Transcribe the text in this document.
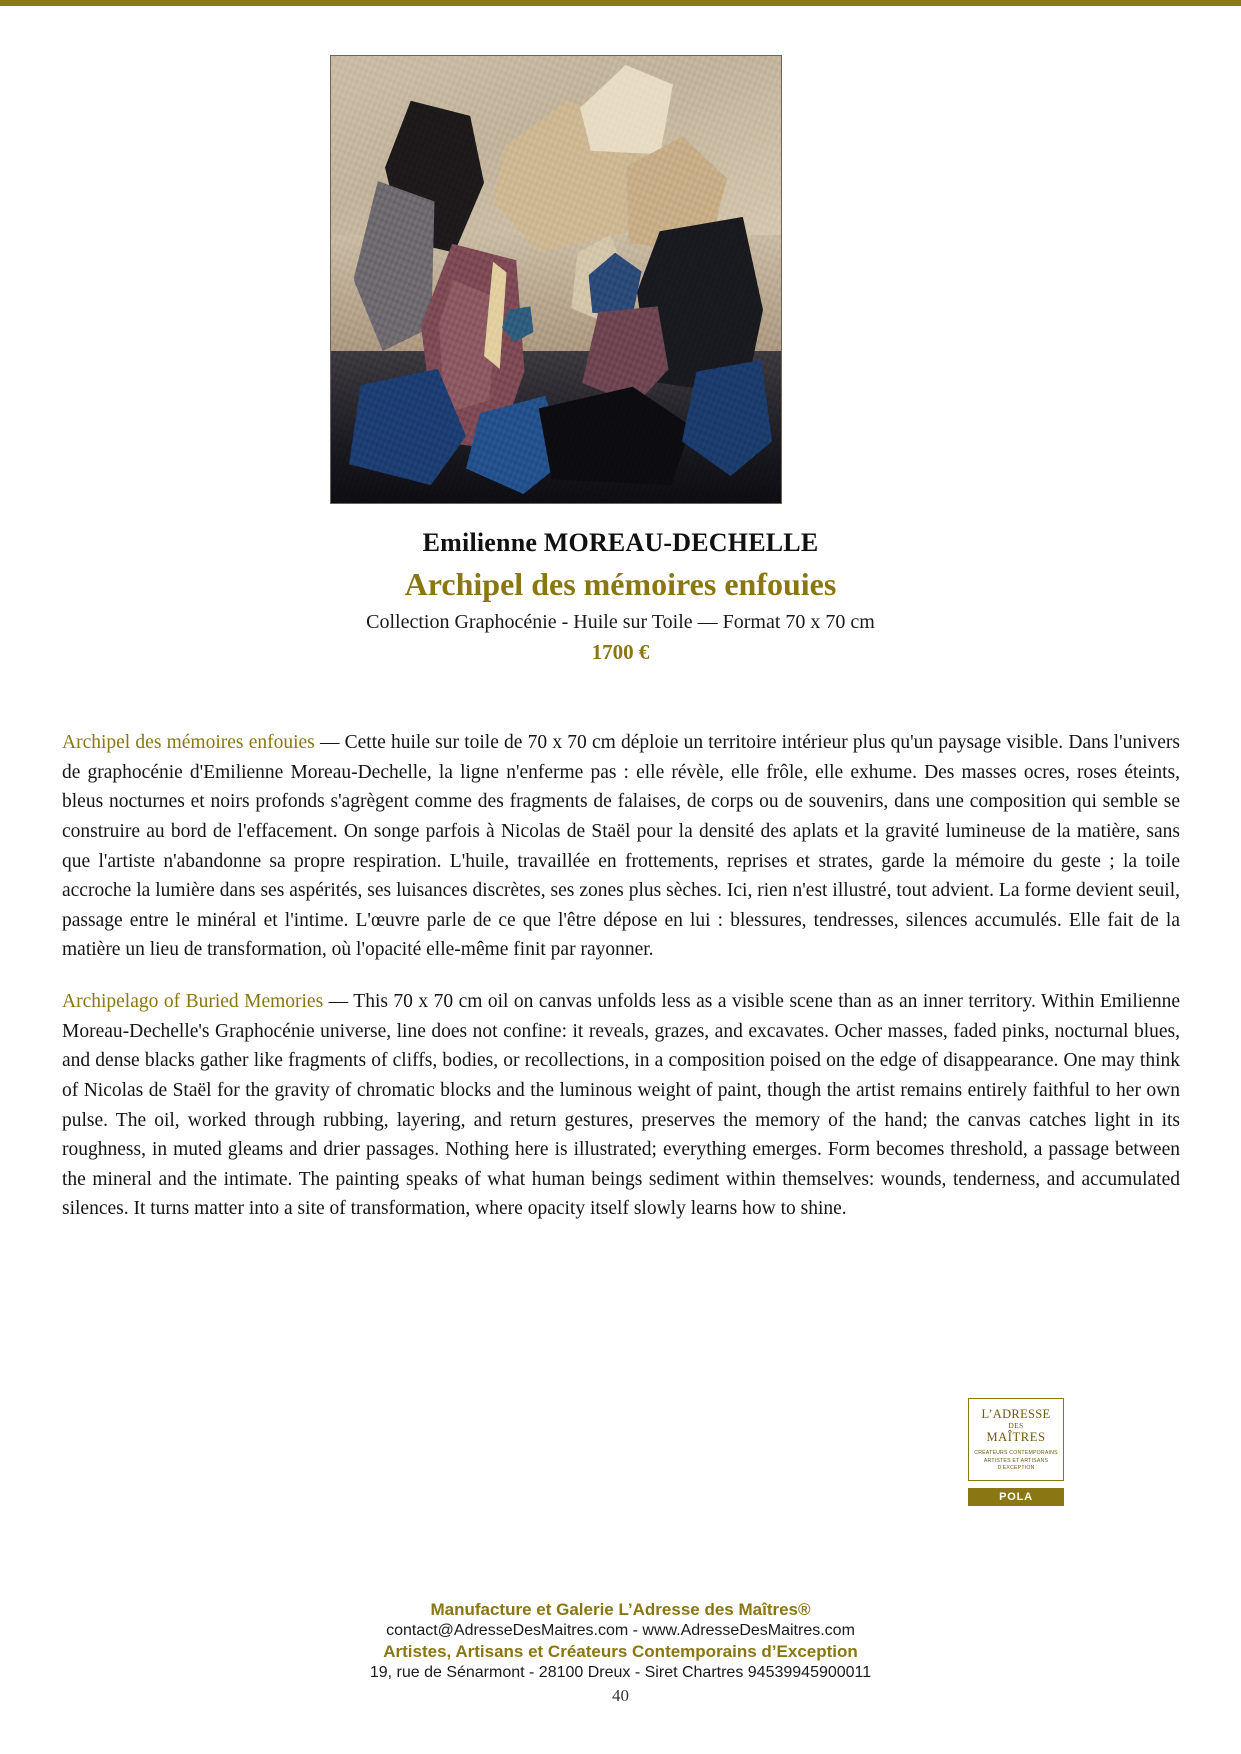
Emilienne MOREAU-DECHELLE
Archipel des mémoires enfouies
Collection Graphocénie - Huile sur Toile — Format 70 x 70 cm
1700 €

Archipel des mémoires enfouies — Cette huile sur toile de 70 x 70 cm déploie un territoire intérieur plus qu'un paysage visible. Dans l'univers de graphocénie d'Emilienne Moreau-Dechelle, la ligne n'enferme pas : elle révèle, elle frôle, elle exhume. Des masses ocres, roses éteints, bleus nocturnes et noirs profonds s'agrègent comme des fragments de falaises, de corps ou de souvenirs, dans une composition qui semble se construire au bord de l'effacement. On songe parfois à Nicolas de Staël pour la densité des aplats et la gravité lumineuse de la matière, sans que l'artiste n'abandonne sa propre respiration. L'huile, travaillée en frottements, reprises et strates, garde la mémoire du geste ; la toile accroche la lumière dans ses aspérités, ses luisances discrètes, ses zones plus sèches. Ici, rien n'est illustré, tout advient. La forme devient seuil, passage entre le minéral et l'intime. L'œuvre parle de ce que l'être dépose en lui : blessures, tendresses, silences accumulés. Elle fait de la matière un lieu de transformation, où l'opacité elle-même finit par rayonner.

Archipelago of Buried Memories — This 70 x 70 cm oil on canvas unfolds less as a visible scene than as an inner territory. Within Emilienne Moreau-Dechelle's Graphocénie universe, line does not confine: it reveals, grazes, and excavates. Ocher masses, faded pinks, nocturnal blues, and dense blacks gather like fragments of cliffs, bodies, or recollections, in a composition poised on the edge of disappearance. One may think of Nicolas de Staël for the gravity of chromatic blocks and the luminous weight of paint, though the artist remains entirely faithful to her own pulse. The oil, worked through rubbing, layering, and return gestures, preserves the memory of the hand; the canvas catches light in its roughness, in muted gleams and drier passages. Nothing here is illustrated; everything emerges. Form becomes threshold, a passage between the mineral and the intimate. The painting speaks of what human beings sediment within themselves: wounds, tenderness, and accumulated silences. It turns matter into a site of transformation, where opacity itself slowly learns how to shine.

L’ADRESSE
DES
MAÎTRES
CRÉATEURS CONTEMPORAINS
ARTISTES ET ARTISANS
D’EXCEPTION
POLA
Manufacture et Galerie L’Adresse des Maîtres®
contact@AdresseDesMaitres.com - www.AdresseDesMaitres.com
Artistes, Artisans et Créateurs Contemporains d’Exception
19, rue de Sénarmont - 28100 Dreux - Siret Chartres 94539945900011
40
